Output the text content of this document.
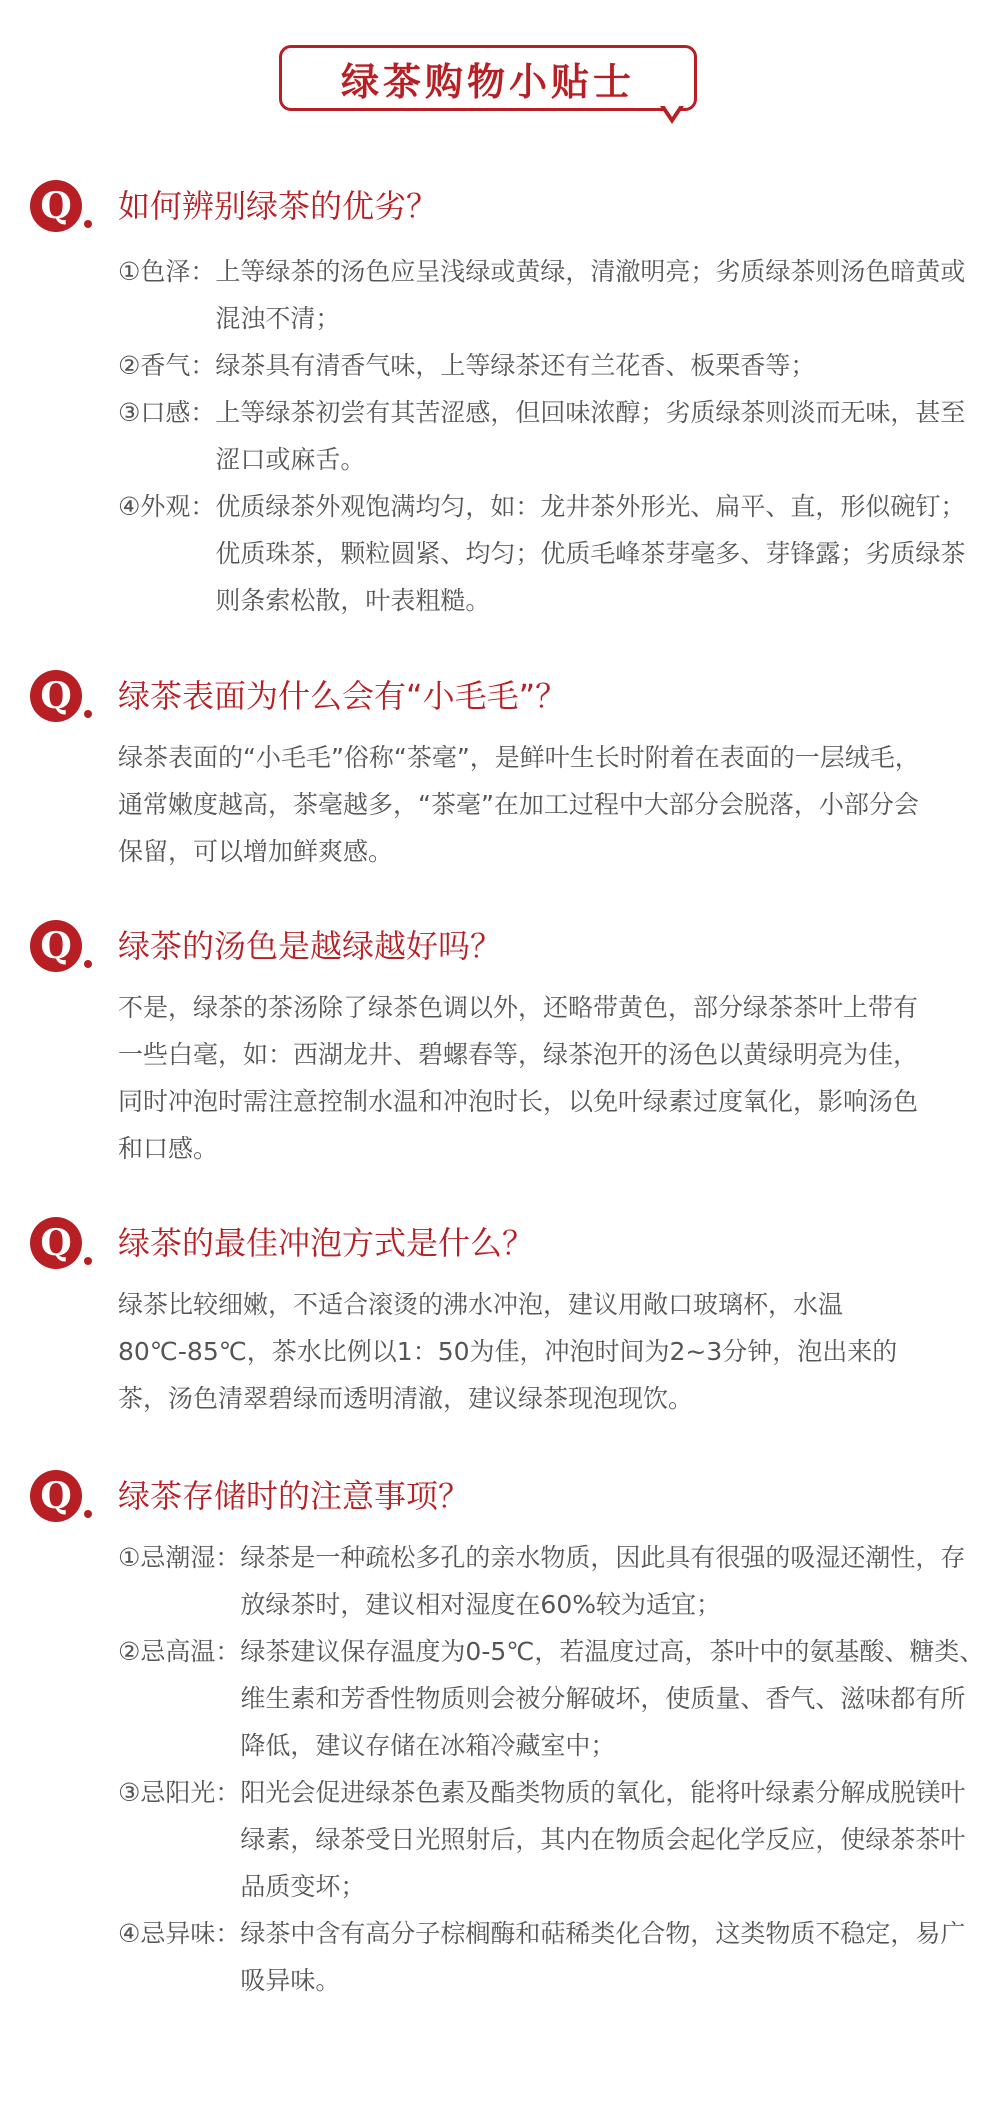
绿茶购物小贴士
Q	如何辨别绿茶的优劣？
①色泽： 上等绿茶的汤色应呈浅绿或黄绿，清澈明亮；劣质绿茶则汤色暗黄或混浊不清；
②香气： 绿茶具有清香气味，上等绿茶还有兰花香、板栗香等；
③口感： 上等绿茶初尝有其苦涩感，但回味浓醇；劣质绿茶则淡而无味，甚至涩口或麻舌。
④外观： 优质绿茶外观饱满均匀，如：龙井茶外形光、扁平、直，形似碗钉；优质珠茶，颗粒圆紧、均匀；优质毛峰茶芽毫多、芽锋露；劣质绿茶则条索松散，叶表粗糙。
Q	绿茶表面为什么会有“小毛毛”？
绿茶表面的“小毛毛”俗称“茶毫”，是鲜叶生长时附着在表面的一层绒毛，通常嫩度越高，茶毫越多，“茶毫”在加工过程中大部分会脱落，小部分会保留，可以增加鲜爽感。
Q	绿茶的汤色是越绿越好吗？
不是，绿茶的茶汤除了绿茶色调以外，还略带黄色，部分绿茶茶叶上带有一些白毫，如：西湖龙井、碧螺春等，绿茶泡开的汤色以黄绿明亮为佳，同时冲泡时需注意控制水温和冲泡时长，以免叶绿素过度氧化，影响汤色和口感。
Q	绿茶的最佳冲泡方式是什么？
绿茶比较细嫩，不适合滚烫的沸水冲泡，建议用敞口玻璃杯，水温80℃-85℃，茶水比例以1：50为佳，冲泡时间为2~3分钟，泡出来的茶，汤色清翠碧绿而透明清澈，建议绿茶现泡现饮。
Q	绿茶存储时的注意事项？
①忌潮湿： 绿茶是一种疏松多孔的亲水物质，因此具有很强的吸湿还潮性，存放绿茶时，建议相对湿度在60%较为适宜；
②忌高温： 绿茶建议保存温度为0-5℃，若温度过高，茶叶中的氨基酸、糖类、维生素和芳香性物质则会被分解破坏，使质量、香气、滋味都有所降低，建议存储在冰箱冷藏室中；
③忌阳光： 阳光会促进绿茶色素及酯类物质的氧化，能将叶绿素分解成脱镁叶绿素，绿茶受日光照射后，其内在物质会起化学反应，使绿茶茶叶品质变坏；
④忌异味： 绿茶中含有高分子棕榈酶和萜稀类化合物，这类物质不稳定，易广吸异味。
